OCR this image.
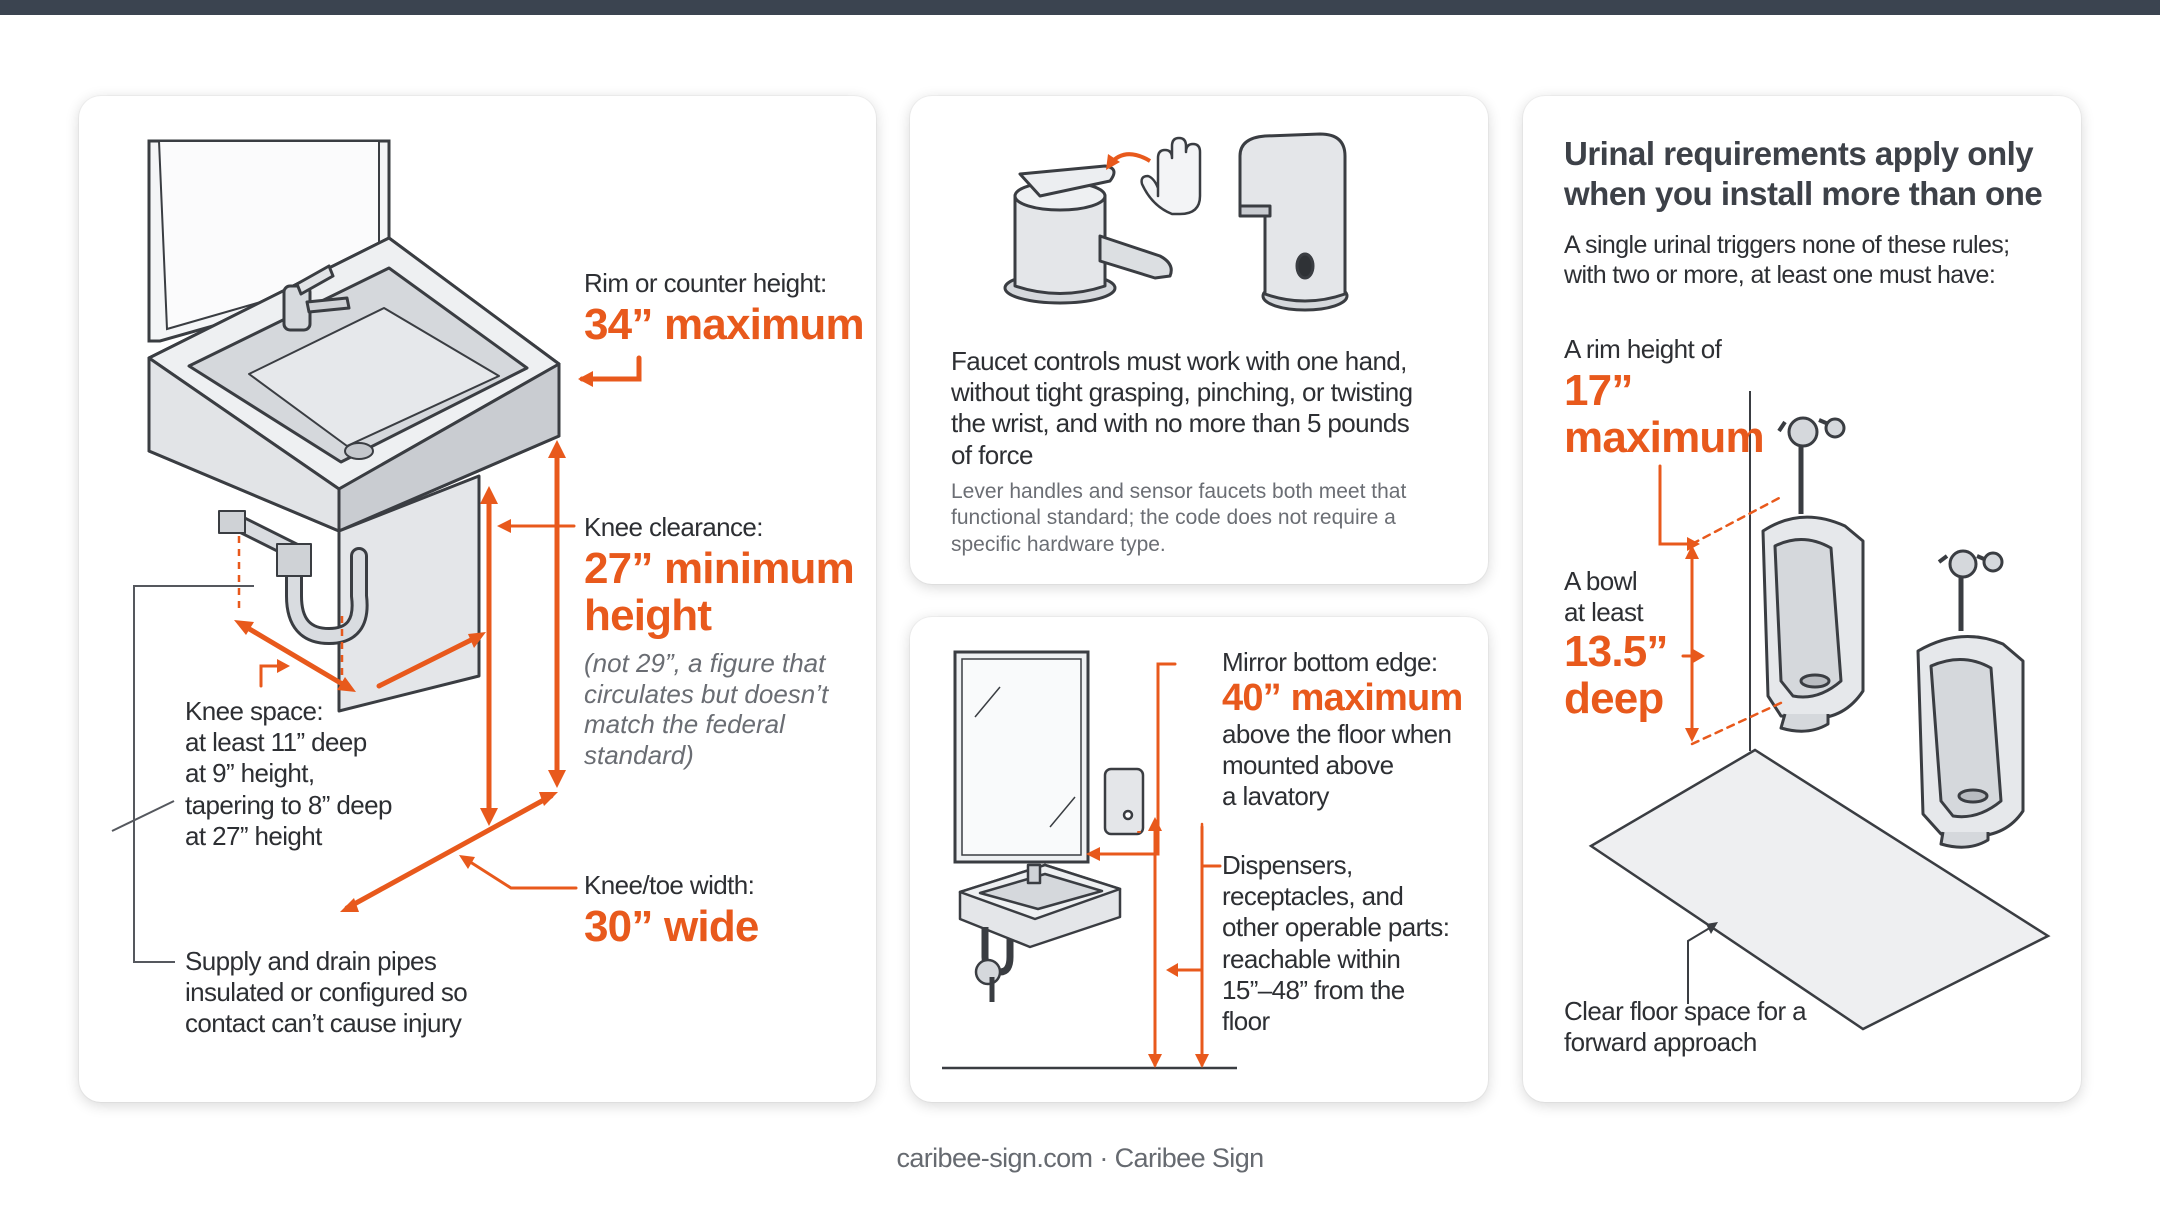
Rim or counter height:
34” maximum
Knee clearance:
27” minimum
height
(not 29”, a figure that
circulates but doesn’t
match the federal
standard)
Knee space:
at least 11” deep
at 9” height,
tapering to 8” deep
at 27” height
Knee/toe width:
30” wide
Supply and drain pipes
insulated or configured so
contact can’t cause injury
Faucet controls must work with one hand,
without tight grasping, pinching, or twisting
the wrist, and with no more than 5 pounds
of force
Lever handles and sensor faucets both meet that
functional standard; the code does not require a
specific hardware type.
Mirror bottom edge:
40” maximum
above the floor when
mounted above
a lavatory
Dispensers,
receptacles, and
other operable parts:
reachable within
15”–48” from the
floor
Urinal requirements apply only
when you install more than one
A single urinal triggers none of these rules;
with two or more, at least one must have:
A rim height of
17”
maximum
A bowl
at least
13.5”
deep
Clear floor space for a
forward approach
caribee-sign.com · Caribee Sign
